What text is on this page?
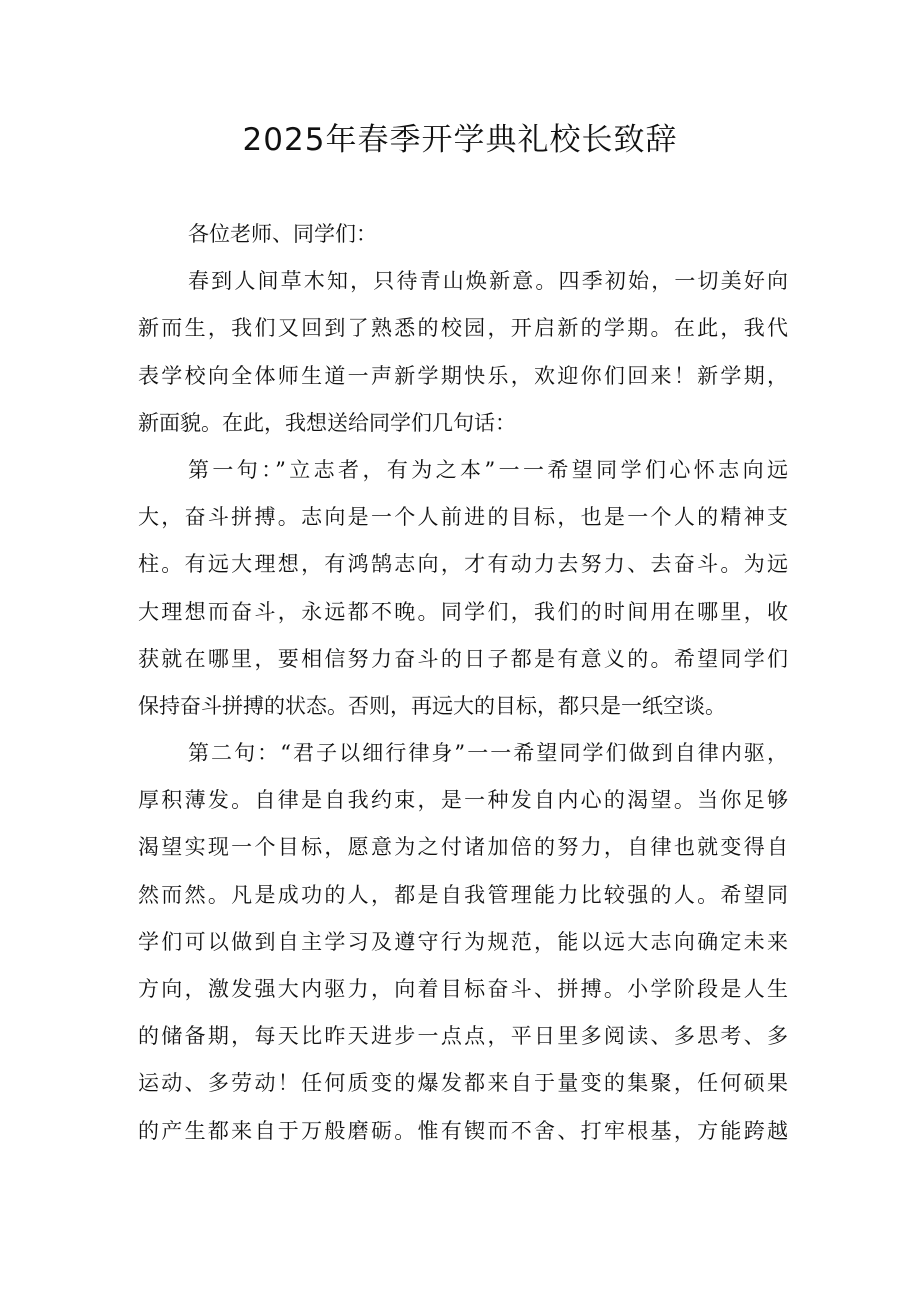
2025年春季开学典礼校长致辞
各位老师、同学们：
春到人间草木知，只待青山焕新意。四季初始，一切美好向
新而生，我们又回到了熟悉的校园，开启新的学期。在此，我代
表学校向全体师生道一声新学期快乐，欢迎你们回来！新学期，
新面貌。在此，我想送给同学们几句话：
第一句：”立志者，有为之本”一一希望同学们心怀志向远
大，奋斗拼搏。志向是一个人前进的目标，也是一个人的精神支
柱。有远大理想，有鸿鹄志向，才有动力去努力、去奋斗。为远
大理想而奋斗，永远都不晚。同学们，我们的时间用在哪里，收
获就在哪里，要相信努力奋斗的日子都是有意义的。希望同学们
保持奋斗拼搏的状态。否则，再远大的目标，都只是一纸空谈。
第二句：“君子以细行律身”一一希望同学们做到自律内驱，
厚积薄发。自律是自我约束，是一种发自内心的渴望。当你足够
渴望实现一个目标，愿意为之付诸加倍的努力，自律也就变得自
然而然。凡是成功的人，都是自我管理能力比较强的人。希望同
学们可以做到自主学习及遵守行为规范，能以远大志向确定未来
方向，激发强大内驱力，向着目标奋斗、拼搏。小学阶段是人生
的储备期，每天比昨天进步一点点，平日里多阅读、多思考、多
运动、多劳动！任何质变的爆发都来自于量变的集聚，任何硕果
的产生都来自于万般磨砺。惟有锲而不舍、打牢根基，方能跨越
